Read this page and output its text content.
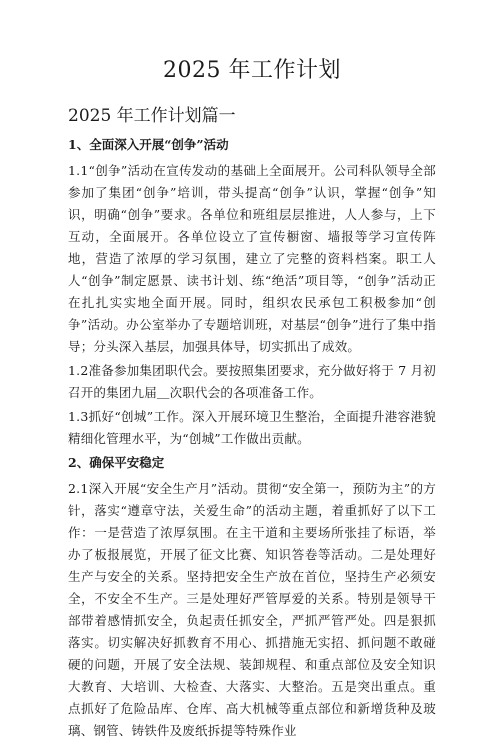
2025 年工作计划
2025 年工作计划篇一
1、全面深入开展“创争”活动

1.1“创争”活动在宣传发动的基础上全面展开。公司科队领导全部参加了集团“创争”培训，带头提高“创争”认识，掌握“创争”知识，明确“创争”要求。各单位和班组层层推进，人人参与，上下互动，全面展开。各单位设立了宣传橱窗、墙报等学习宣传阵地，营造了浓厚的学习氛围，建立了完整的资料档案。职工人人“创争”制定愿景、读书计划、练“绝活”项目等，“创争”活动正在扎扎实实地全面开展。同时，组织农民承包工积极参加“创争”活动。办公室举办了专题培训班，对基层“创争”进行了集中指导；分头深入基层，加强具体导，切实抓出了成效。

1.2准备参加集团职代会。要按照集团要求，充分做好将于 7 月初召开的集团九届＿次职代会的各项准备工作。

1.3抓好“创城”工作。深入开展环境卫生整治，全面提升港容港貌精细化管理水平，为“创城”工作做出贡献。

2、确保平安稳定

2.1深入开展“安全生产月”活动。贯彻“安全第一，预防为主”的方针，落实“遵章守法，关爱生命”的活动主题，着重抓好了以下工作：一是营造了浓厚氛围。在主干道和主要场所张挂了标语，举办了板报展览，开展了征文比赛、知识答卷等活动。二是处理好生产与安全的关系。坚持把安全生产放在首位，坚持生产必须安全，不安全不生产。三是处理好严管厚爱的关系。特别是领导干部带着感情抓安全，负起责任抓安全，严抓严管严处。四是狠抓落实。切实解决好抓教育不用心、抓措施无实招、抓问题不敢碰硬的问题，开展了安全法规、装卸规程、和重点部位及安全知识大教育、大培训、大检查、大落实、大整治。五是突出重点。重点抓好了危险品库、仓库、高大机械等重点部位和新增货种及玻璃、钢管、铸铁件及废纸拆提等特殊作业
